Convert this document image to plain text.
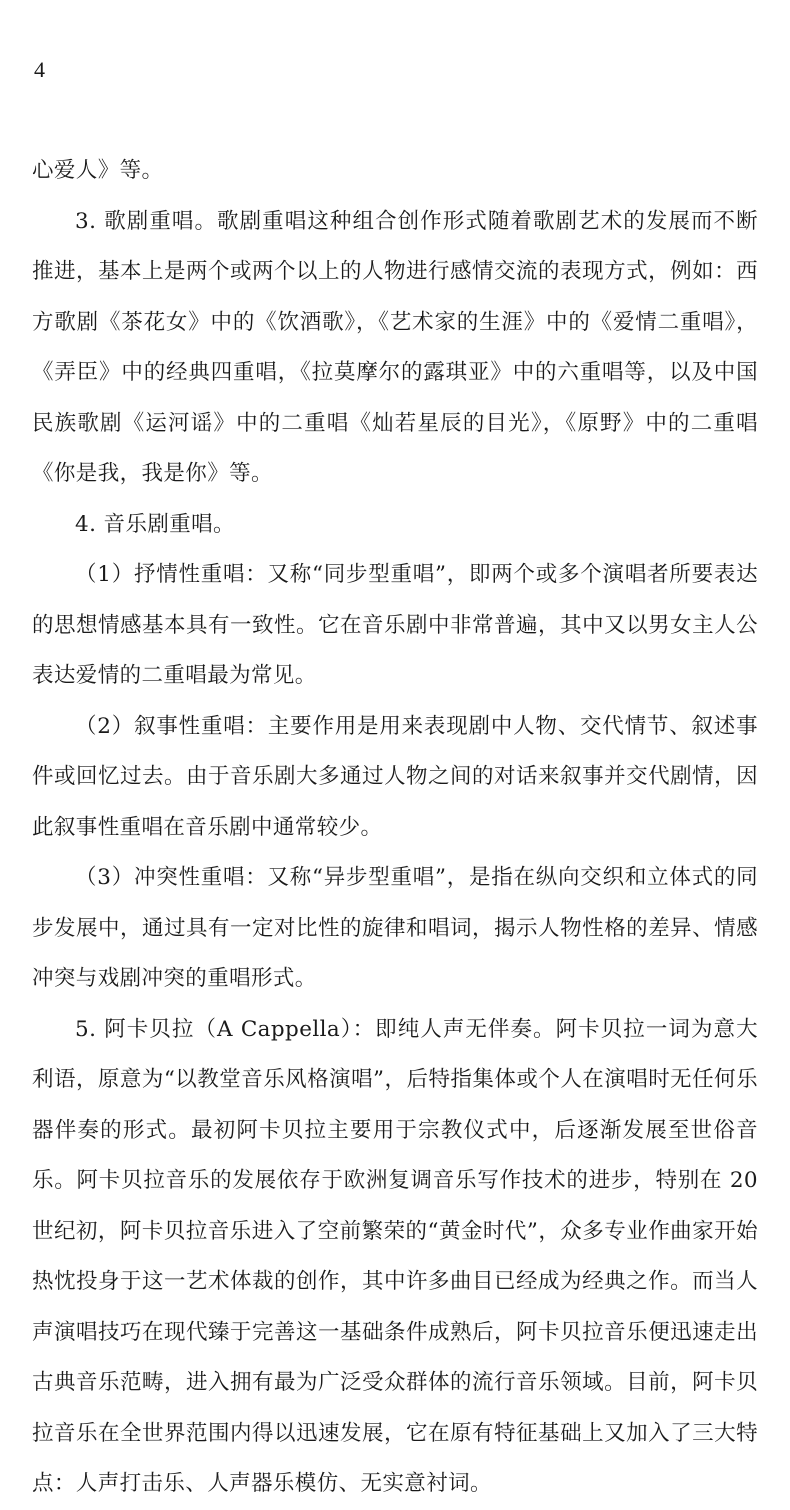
4

心爱人》等。

3. 歌剧重唱。歌剧重唱这种组合创作形式随着歌剧艺术的发展而不断推进，基本上是两个或两个以上的人物进行感情交流的表现方式，例如：西方歌剧《茶花女》中的《饮酒歌》，《艺术家的生涯》中的《爱情二重唱》，《弄臣》中的经典四重唱，《拉莫摩尔的露琪亚》中的六重唱等，以及中国民族歌剧《运河谣》中的二重唱《灿若星辰的目光》，《原野》中的二重唱《你是我，我是你》等。

4. 音乐剧重唱。

（1）抒情性重唱：又称“同步型重唱”，即两个或多个演唱者所要表达的思想情感基本具有一致性。它在音乐剧中非常普遍，其中又以男女主人公表达爱情的二重唱最为常见。

（2）叙事性重唱：主要作用是用来表现剧中人物、交代情节、叙述事件或回忆过去。由于音乐剧大多通过人物之间的对话来叙事并交代剧情，因此叙事性重唱在音乐剧中通常较少。

（3）冲突性重唱：又称“异步型重唱”，是指在纵向交织和立体式的同步发展中，通过具有一定对比性的旋律和唱词，揭示人物性格的差异、情感冲突与戏剧冲突的重唱形式。

5. 阿卡贝拉（A Cappella）：即纯人声无伴奏。阿卡贝拉一词为意大利语，原意为“以教堂音乐风格演唱”，后特指集体或个人在演唱时无任何乐器伴奏的形式。最初阿卡贝拉主要用于宗教仪式中，后逐渐发展至世俗音乐。阿卡贝拉音乐的发展依存于欧洲复调音乐写作技术的进步，特别在 20 世纪初，阿卡贝拉音乐进入了空前繁荣的“黄金时代”，众多专业作曲家开始热忱投身于这一艺术体裁的创作，其中许多曲目已经成为经典之作。而当人声演唱技巧在现代臻于完善这一基础条件成熟后，阿卡贝拉音乐便迅速走出古典音乐范畴，进入拥有最为广泛受众群体的流行音乐领域。目前，阿卡贝拉音乐在全世界范围内得以迅速发展，它在原有特征基础上又加入了三大特点：人声打击乐、人声器乐模仿、无实意衬词。
